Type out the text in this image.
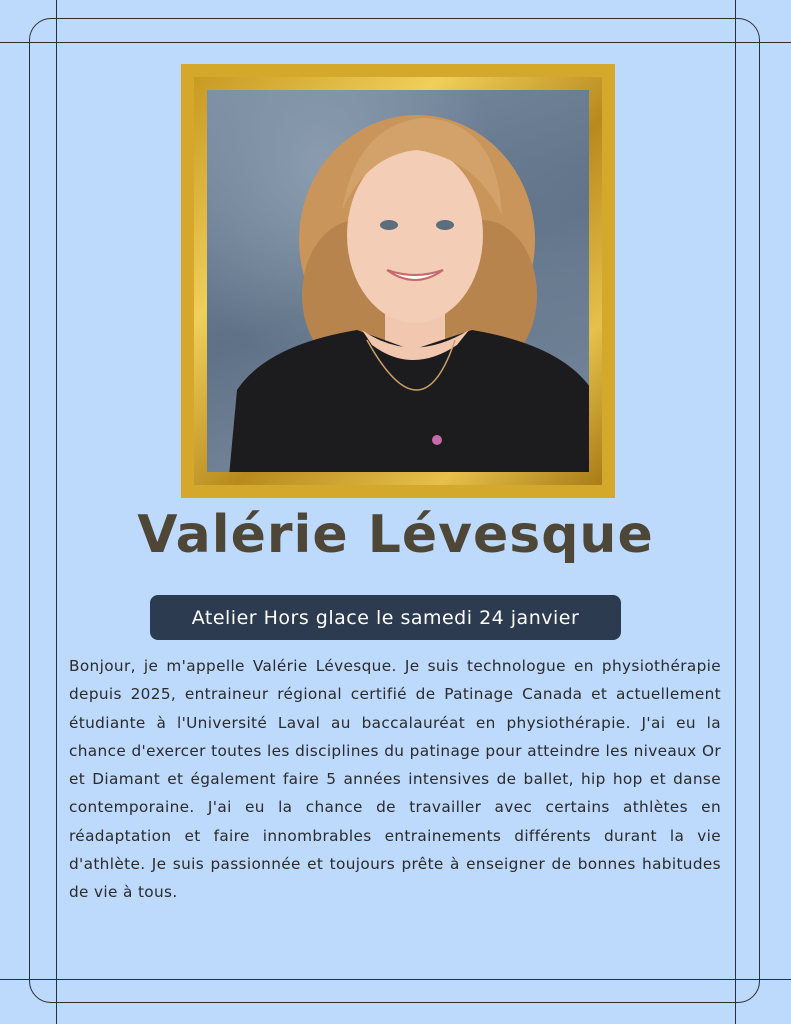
Valérie Lévesque
Atelier Hors glace le samedi 24 janvier
Bonjour, je m'appelle Valérie Lévesque. Je suis technologue en physiothérapie depuis 2025, entraineur régional certifié de Patinage Canada et actuellement étudiante à l'Université Laval au baccalauréat en physiothérapie. J'ai eu la chance d'exercer toutes les disciplines du patinage pour atteindre les niveaux Or et Diamant et également faire 5 années intensives de ballet, hip hop et danse contemporaine. J'ai eu la chance de travailler avec certains athlètes en réadaptation et faire innombrables entrainements différents durant la vie d'athlète. Je suis passionnée et toujours prête à enseigner de bonnes habitudes de vie à tous.
